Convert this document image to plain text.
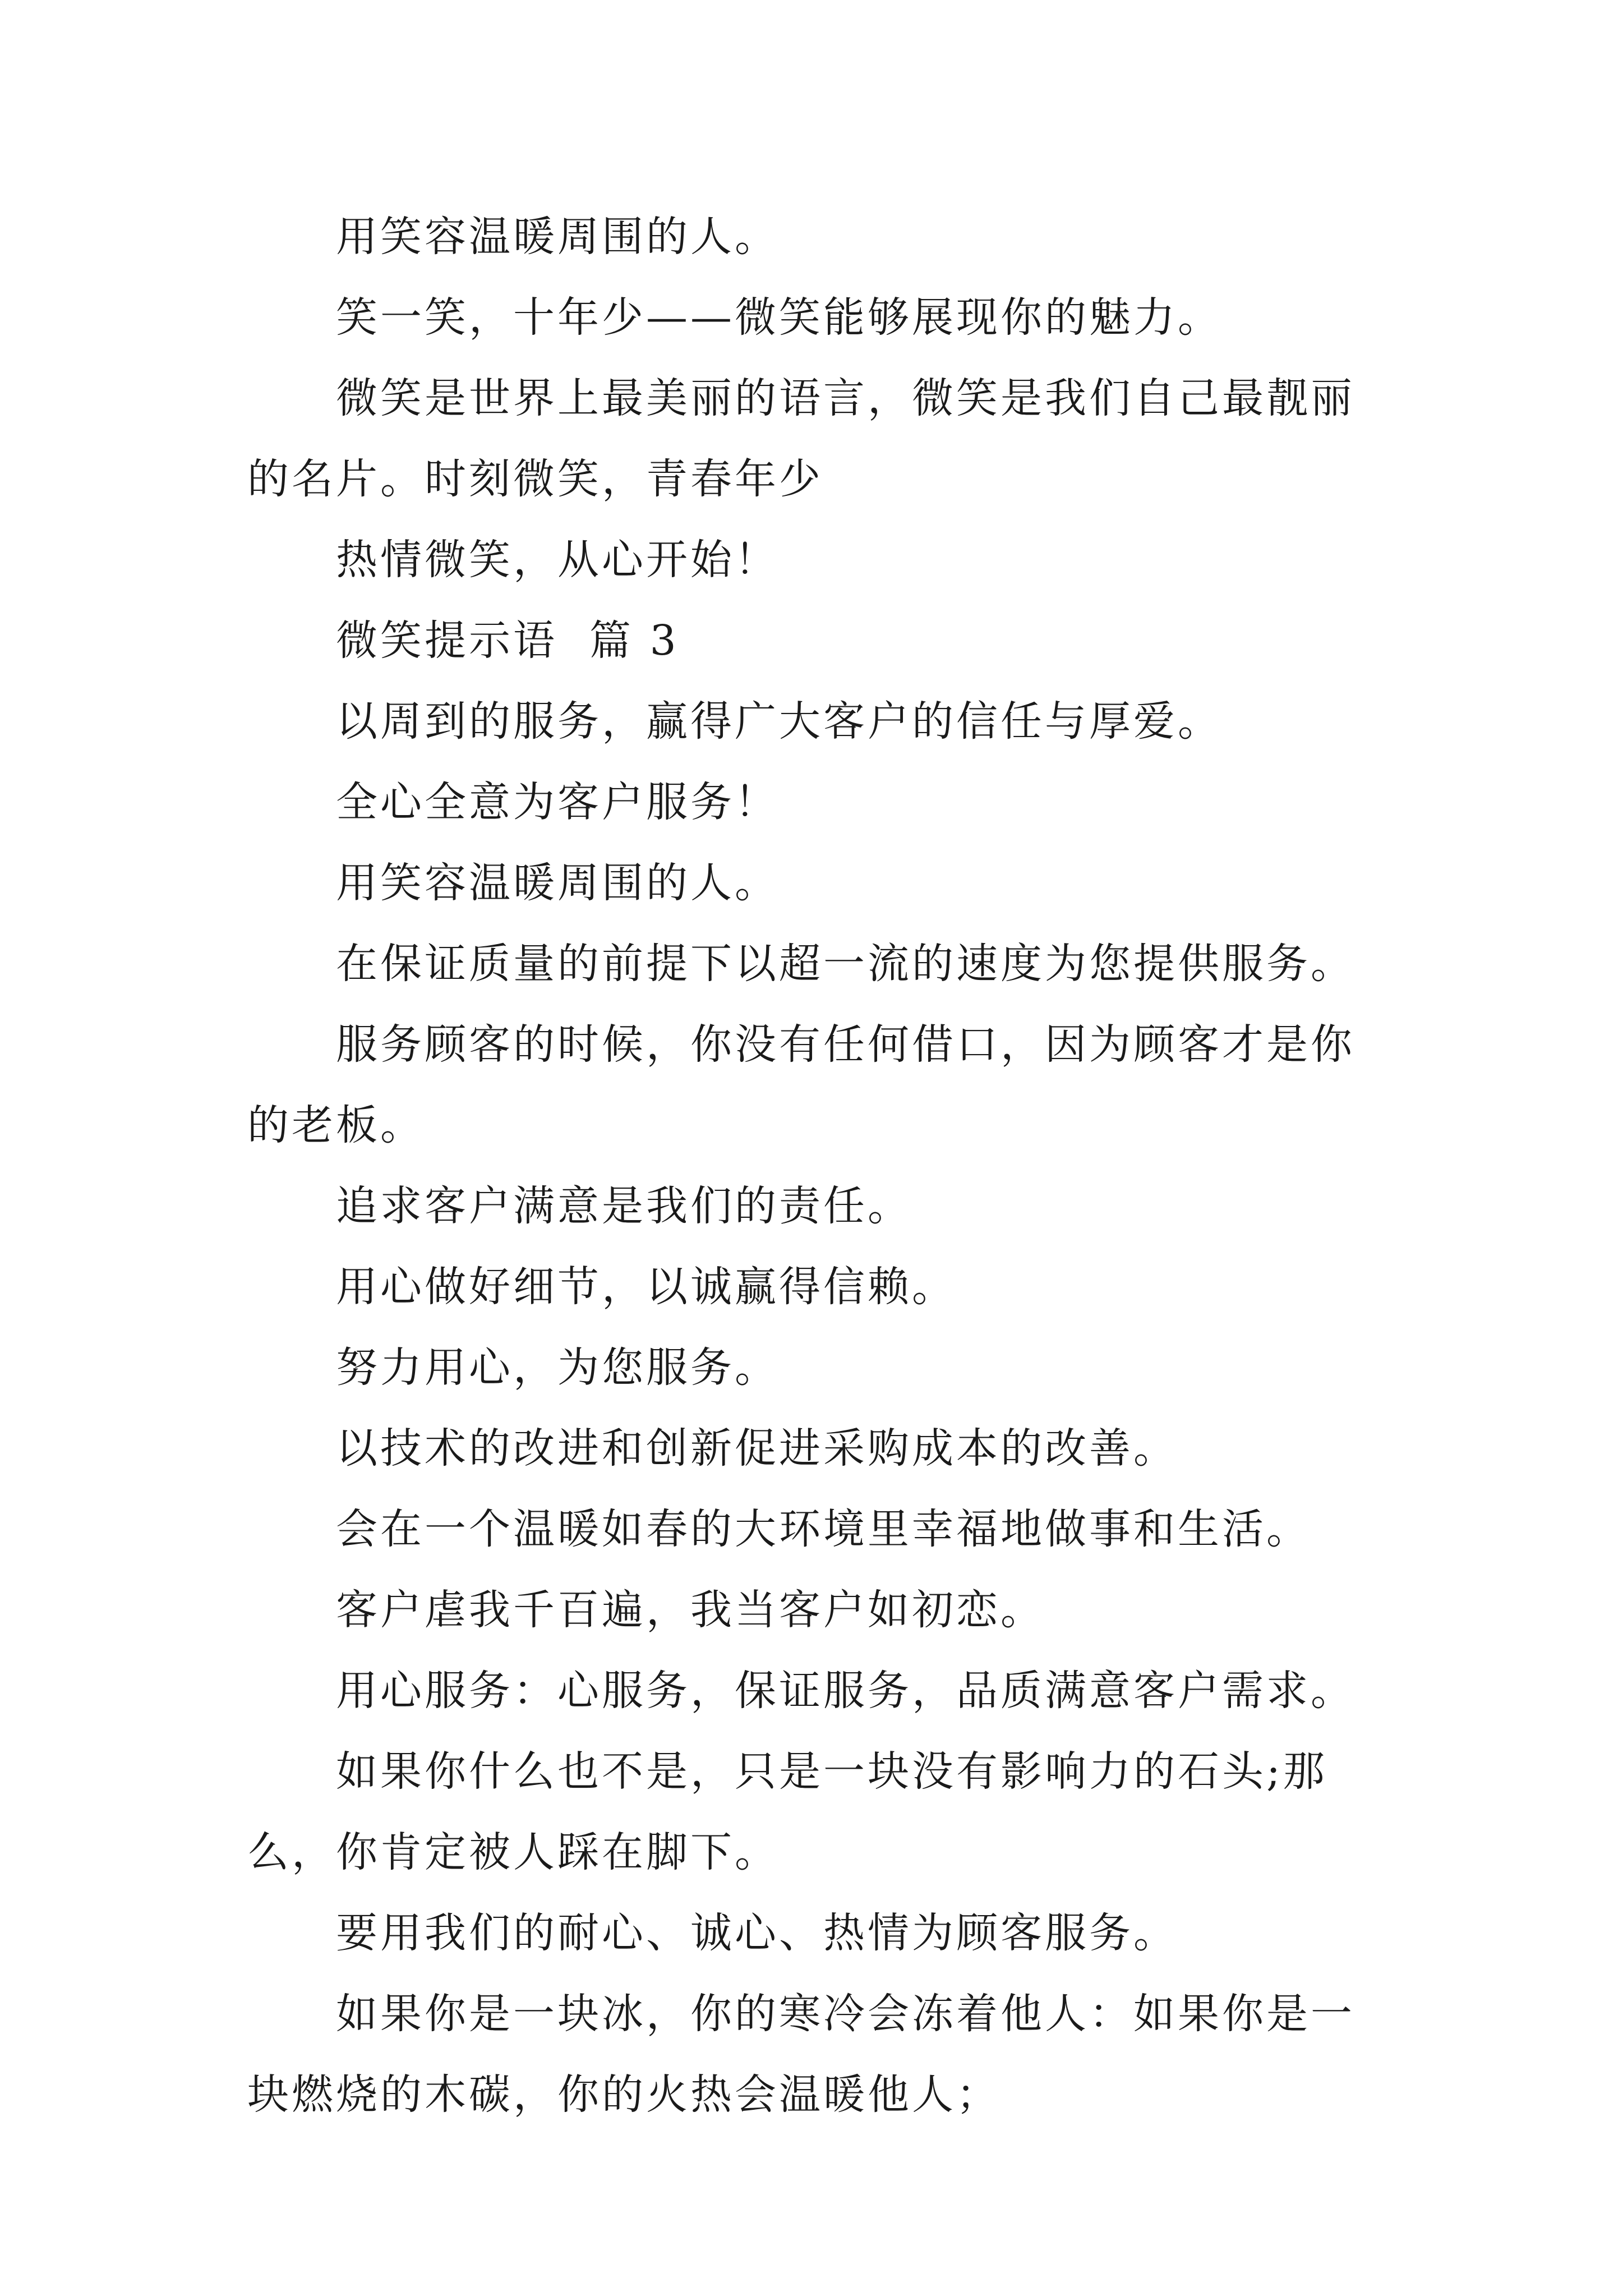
用笑容温暖周围的人。

笑一笑，十年少——微笑能够展现你的魅力。

微笑是世界上最美丽的语言，微笑是我们自己最靓丽的名片。时刻微笑，青春年少

热情微笑，从心开始！

微笑提示语  篇 3

以周到的服务，赢得广大客户的信任与厚爱。

全心全意为客户服务！

用笑容温暖周围的人。

在保证质量的前提下以超一流的速度为您提供服务。

服务顾客的时候，你没有任何借口，因为顾客才是你的老板。

追求客户满意是我们的责任。

用心做好细节，以诚赢得信赖。

努力用心，为您服务。

以技术的改进和创新促进采购成本的改善。

会在一个温暖如春的大环境里幸福地做事和生活。

客户虐我千百遍，我当客户如初恋。

用心服务：心服务，保证服务，品质满意客户需求。

如果你什么也不是，只是一块没有影响力的石头;那么，你肯定被人踩在脚下。

要用我们的耐心、诚心、热情为顾客服务。

如果你是一块冰，你的寒冷会冻着他人：如果你是一块燃烧的木碳，你的火热会温暖他人；
